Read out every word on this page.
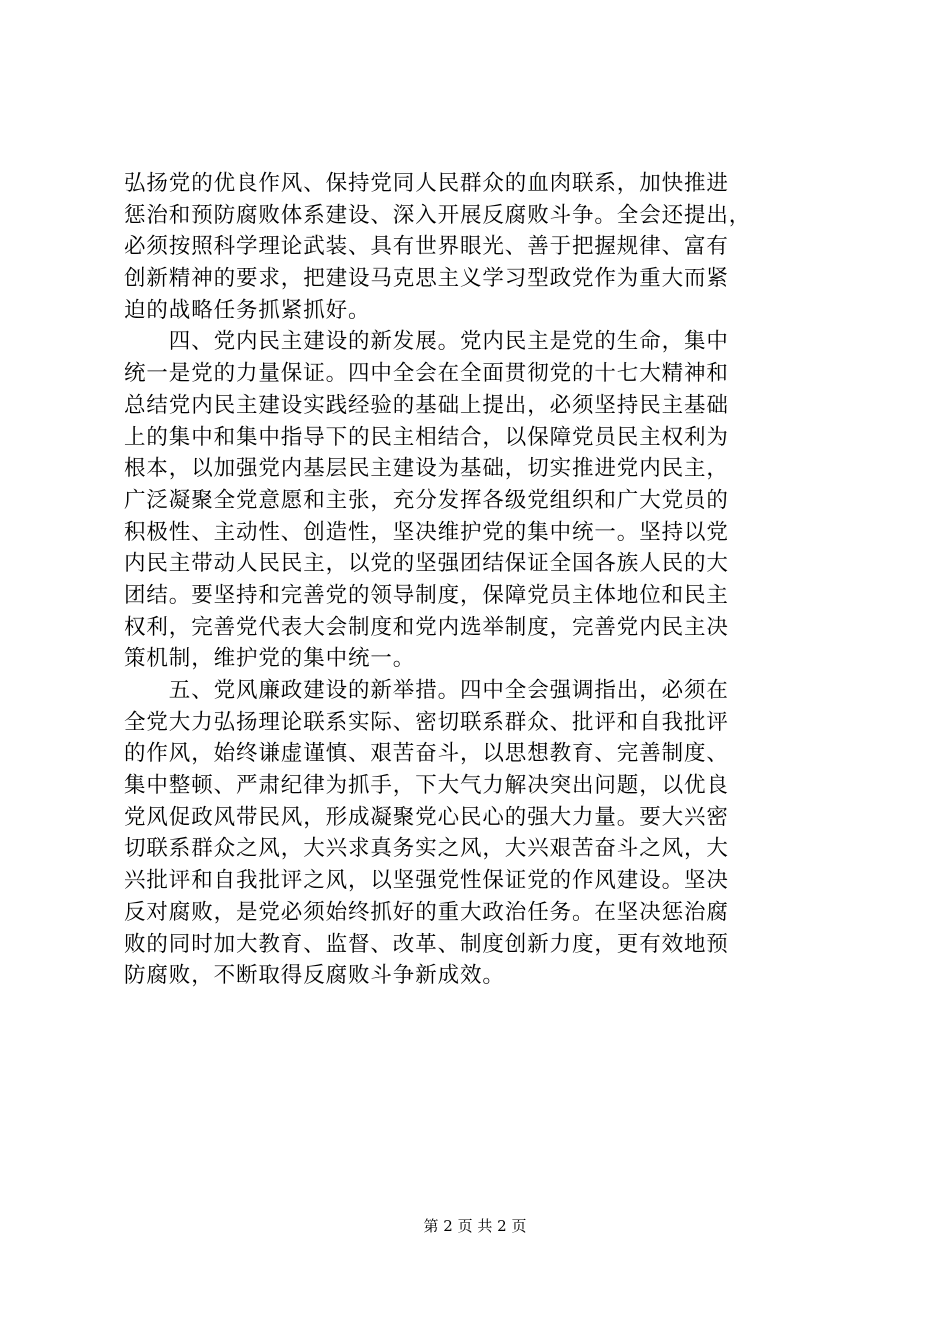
弘扬党的优良作风、保持党同人民群众的血肉联系，加快推进
惩治和预防腐败体系建设、深入开展反腐败斗争。全会还提出，
必须按照科学理论武装、具有世界眼光、善于把握规律、富有
创新精神的要求，把建设马克思主义学习型政党作为重大而紧
迫的战略任务抓紧抓好。
　　四、党内民主建设的新发展。党内民主是党的生命，集中
统一是党的力量保证。四中全会在全面贯彻党的十七大精神和
总结党内民主建设实践经验的基础上提出，必须坚持民主基础
上的集中和集中指导下的民主相结合，以保障党员民主权利为
根本，以加强党内基层民主建设为基础，切实推进党内民主，
广泛凝聚全党意愿和主张，充分发挥各级党组织和广大党员的
积极性、主动性、创造性，坚决维护党的集中统一。坚持以党
内民主带动人民民主，以党的坚强团结保证全国各族人民的大
团结。要坚持和完善党的领导制度，保障党员主体地位和民主
权利，完善党代表大会制度和党内选举制度，完善党内民主决
策机制，维护党的集中统一。
　　五、党风廉政建设的新举措。四中全会强调指出，必须在
全党大力弘扬理论联系实际、密切联系群众、批评和自我批评
的作风，始终谦虚谨慎、艰苦奋斗，以思想教育、完善制度、
集中整顿、严肃纪律为抓手，下大气力解决突出问题，以优良
党风促政风带民风，形成凝聚党心民心的强大力量。要大兴密
切联系群众之风，大兴求真务实之风，大兴艰苦奋斗之风，大
兴批评和自我批评之风，以坚强党性保证党的作风建设。坚决
反对腐败，是党必须始终抓好的重大政治任务。在坚决惩治腐
败的同时加大教育、监督、改革、制度创新力度，更有效地预
防腐败，不断取得反腐败斗争新成效。
第 2 页 共 2 页
